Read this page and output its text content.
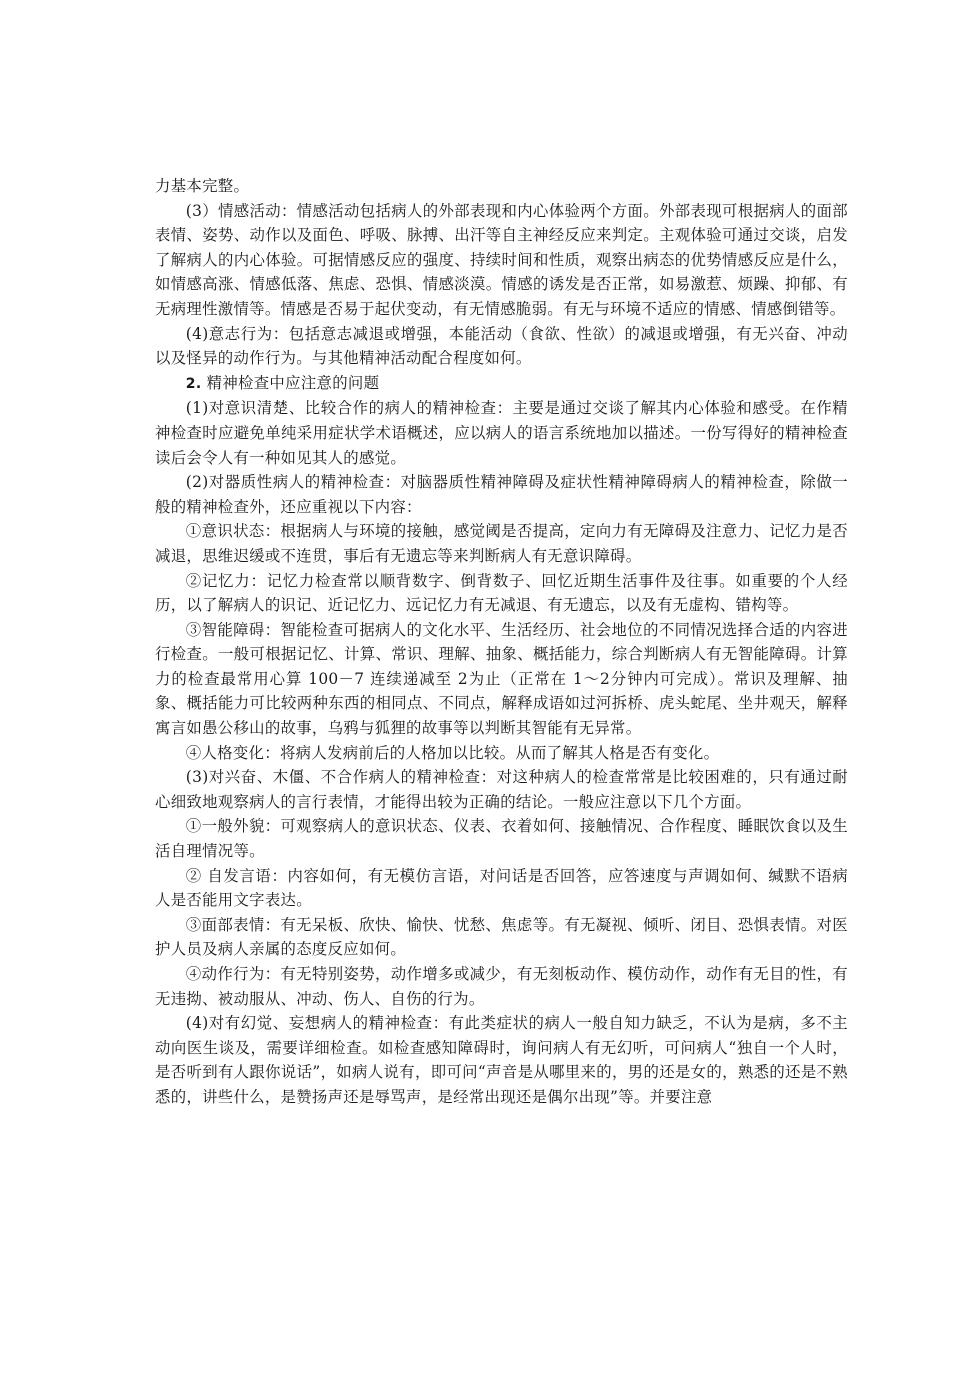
力基本完整。

(3）情感活动：情感活动包括病人的外部表现和内心体验两个方面。外部表现可根据病人的面部表情、姿势、动作以及面色、呼吸、脉搏、出汗等自主神经反应来判定。主观体验可通过交谈，启发了解病人的内心体验。可据情感反应的强度、持续时间和性质，观察出病态的优势情感反应是什么，如情感高涨、情感低落、焦虑、恐惧、情感淡漠。情感的诱发是否正常，如易激惹、烦躁、抑郁、有无病理性激情等。情感是否易于起伏变动，有无情感脆弱。有无与环境不适应的情感、情感倒错等。

(4)意志行为：包括意志减退或增强，本能活动（食欲、性欲）的减退或增强，有无兴奋、冲动以及怪异的动作行为。与其他精神活动配合程度如何。

2. 精神检查中应注意的问题

(1)对意识清楚、比较合作的病人的精神检查：主要是通过交谈了解其内心体验和感受。在作精神检查时应避免单纯采用症状学术语概述，应以病人的语言系统地加以描述。一份写得好的精神检查读后会令人有一种如见其人的感觉。

(2)对器质性病人的精神检查：对脑器质性精神障碍及症状性精神障碍病人的精神检查，除做一般的精神检查外，还应重视以下内容：

①意识状态：根据病人与环境的接触，感觉阈是否提高，定向力有无障碍及注意力、记忆力是否减退，思维迟缓或不连贯，事后有无遗忘等来判断病人有无意识障碍。

②记忆力：记忆力检查常以顺背数字、倒背数子、回忆近期生活事件及往事。如重要的个人经历，以了解病人的识记、近记忆力、远记忆力有无减退、有无遗忘，以及有无虚构、错构等。

③智能障碍：智能检查可据病人的文化水平、生活经历、社会地位的不同情况选择合适的内容进行检查。一般可根据记忆、计算、常识、理解、抽象、概括能力，综合判断病人有无智能障碍。计算力的检查最常用心算 100－7 连续递减至 2为止（正常在 1～2分钟内可完成）。常识及理解、抽象、概括能力可比较两种东西的相同点、不同点，解释成语如过河拆桥、虎头蛇尾、坐井观天，解释寓言如愚公移山的故事，乌鸦与狐狸的故事等以判断其智能有无异常。

④人格变化：将病人发病前后的人格加以比较。从而了解其人格是否有变化。

(3)对兴奋、木僵、不合作病人的精神检查：对这种病人的检查常常是比较困难的，只有通过耐心细致地观察病人的言行表情，才能得出较为正确的结论。一般应注意以下几个方面。

①一般外貌：可观察病人的意识状态、仪表、衣着如何、接触情况、合作程度、睡眠饮食以及生活自理情况等。

② 自发言语：内容如何，有无模仿言语，对问话是否回答，应答速度与声调如何、缄默不语病人是否能用文字表达。

③面部表情：有无呆板、欣快、愉快、忧愁、焦虑等。有无凝视、倾听、闭目、恐惧表情。对医护人员及病人亲属的态度反应如何。

④动作行为：有无特别姿势，动作增多或减少，有无刻板动作、模仿动作，动作有无目的性，有无违拗、被动服从、冲动、伤人、自伤的行为。

(4)对有幻觉、妄想病人的精神检查：有此类症状的病人一般自知力缺乏，不认为是病，多不主动向医生谈及，需要详细检查。如检查感知障碍时，询问病人有无幻听，可问病人“独自一个人时，是否听到有人跟你说话”，如病人说有，即可问“声音是从哪里来的，男的还是女的，熟悉的还是不熟悉的，讲些什么，是赞扬声还是辱骂声，是经常出现还是偶尔出现”等。并要注意
